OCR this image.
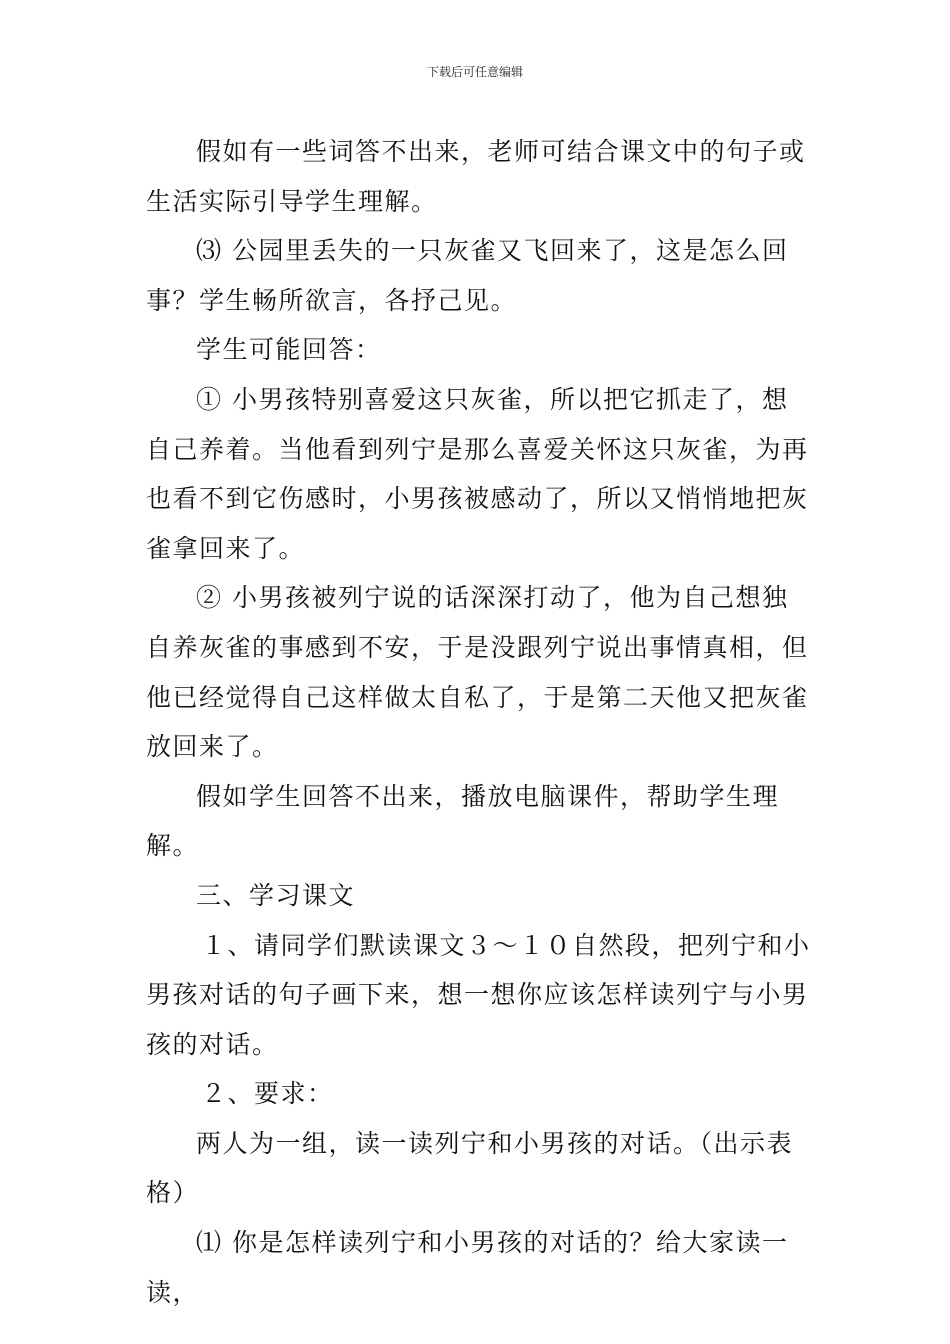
下载后可任意编辑

假如有一些词答不出来，老师可结合课文中的句子或生活实际引导学生理解。

⑶ 公园里丢失的一只灰雀又飞回来了，这是怎么回事？学生畅所欲言，各抒己见。

学生可能回答：

① 小男孩特别喜爱这只灰雀，所以把它抓走了，想自己养着。当他看到列宁是那么喜爱关怀这只灰雀，为再也看不到它伤感时，小男孩被感动了，所以又悄悄地把灰雀拿回来了。

② 小男孩被列宁说的话深深打动了，他为自己想独自养灰雀的事感到不安，于是没跟列宁说出事情真相，但他已经觉得自己这样做太自私了，于是第二天他又把灰雀放回来了。

假如学生回答不出来，播放电脑课件，帮助学生理解。

三、学习课文

１、请同学们默读课文３～１０自然段，把列宁和小男孩对话的句子画下来，想一想你应该怎样读列宁与小男孩的对话。

２、要求：

两人为一组，读一读列宁和小男孩的对话。（出示表格）

⑴ 你是怎样读列宁和小男孩的对话的？给大家读一读，
